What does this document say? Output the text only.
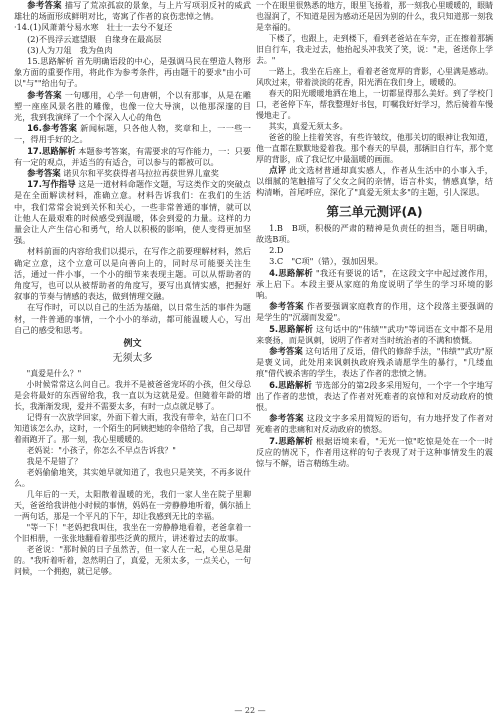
参考答案 描写了荒凉孤寂的景象，与上片写项羽反衬的威武雄壮的场面形成鲜明对比，寄寓了作者的哀伤悲悼之情。

·14.(1)风萧萧兮易水寒　壮士一去兮不复还

(2)不畏浮云遮望眼　自缘身在最高层

(3)人为刀俎　我为鱼肉

15.思路解析 首先明确语段的中心，是强调马民在塑造人物形象方面的重要作用，将此作为参考条件，再由题干的要求"由小可以"与""给出句子。

参考答案 一句哪用，心学一句唐朝，个以有那事，从是在雕塑一座座风景名胜的雕像，也像一位大导演，以他那深邃的目光，我到我演绎了一个个深入人心的角色

16.参考答案 新闻标题，只各他人物，奖章和上，一一些一一，得用手好的之。

17.思路解析 本题参考答案，有需要求的写作能力，一：只要有一定的观点，并适当的有适合，可以参与的都被可以。

参考答案 诺贝尔和平奖获得者马拉拉再获世界儿童奖

17.写作指导 这是一道材料命题作文题，写这类作文的突破点是在全面解读材料，准确立意。材料告诉我们：在我们的生活中，我们常常会说到关怀和关心，一些非常普通的事情，就可以让他人在最艰难的时候感受到温暖，体会到爱的力量。这样的力量会让人产生信心和勇气，给人以积极的影响，使人变得更加坚强。

材料前面的内容给我们以提示，在写作之前要理解材料，然后确定立意，这个立意可以是向善向上的，同时尽可能要关注生活，通过一件小事，一个小的细节来表现主题。可以从帮助者的角度写，也可以从被帮助者的角度写，要写出真情实感，把握好叙事的节奏与情感的表达，做到情理交融。

在写作时，可以以自己的生活为基础，以日常生活的事件为题材，一件普通的事情，一个小小的举动，都可能温暖人心，写出自己的感受和思考。

例文
无须太多

"真爱是什么？"

小时候常常这么问自己。我并不是被爸爸宠坏的小孩，但父母总是会将最好的东西留给我，我一直以为这就是爱。但随着年龄的增长，我渐渐发现，爱并不需要太多，有时一点点就足够了。

记得有一次放学回家，外面下着大雨，我没有带伞，站在门口不知道该怎么办，这时，一个陌生的阿姨把她的伞借给了我，自己却冒着雨跑开了。那一刻，我心里暖暖的。

老妈说："小孩子，你怎么不早点告诉我？"

我是不是错了？

老妈偷偷地笑，其实她早就知道了，我也只是笑笑，不再多说什么。

几年后的一天，太阳散着温暖的光，我们一家人坐在院子里聊天，爸爸给我讲他小时候的事情，妈妈在一旁静静地听着，偶尔插上一两句话，那是一个平凡的下午，却让我感到无比的幸福。

"等一下！"老妈把我叫住，我坐在一旁静静地看着，老爸拿着一个旧相册，一张张地翻看着那些泛黄的照片，讲述着过去的故事。

老爸说："那时候的日子虽然苦，但一家人在一起，心里总是甜的。"我听着听着，忽然明白了，真爱，无须太多，一点关心，一句问候，一个拥抱，就已足够。

一个在眼里很熟悉的地方，眼里飞扬着，那一刻我心里暖暖的，眼睛也湿润了，不知道是因为感动还是因为别的什么，我只知道那一刻我是幸福的。

下楼了，也跟上，走到楼下，看到老爸站在车旁，正在擦着那辆旧自行车，我走过去，他抬起头冲我笑了笑，说："走，爸送你上学去。"

一路上，我坐在后座上，看着老爸宽厚的背影，心里满是感动。风吹过来，带着淡淡的花香，阳光洒在我们身上，暖暖的。

春天的阳光暖暖地洒在地上，一切都显得那么美好。到了学校门口，老爸停下车，帮我整理好书包，叮嘱我好好学习，然后骑着车慢慢地走了。

其实，真爱无须太多。

爸爸的脸上挂着笑容，有些许皱纹，他那关切的眼神让我知道，他一直都在默默地爱着我。那个春天的早晨，那辆旧自行车，那个宽厚的背影，成了我记忆中最温暖的画面。

点评 此文选材普通却真实感人，作者从生活中的小事入手，以细腻的笔触描写了父女之间的亲情，语言朴实，情感真挚，结构清晰，首尾呼应，深化了"真爱无须太多"的主题，引人深思。

第三单元测评(A)

1.B　B项，积极的严肃的精神是负责任的担当，题目明确，故选B项。

2.D

3.C　"C项"（错），强加因果。

4.思路解析 "我还有要说的话"，在这段文字中起过渡作用，承上启下。本段主要从家庭的角度说明了学生的学习环境的影响。

参考答案 作者要强调家庭教育的作用，这个段落主要强调的是学生的"沉溺而发爱"。

5.思路解析 这句话中的"伟绩""武功"等词语在文中都不是用来褒扬，而是讽刺，说明了作者对当时统治者的不满和愤慨。

参考答案 这句话用了反语，借代的修辞手法，"伟绩""武功"原是褒义词，此处用来讽刺执政府残杀请愿学生的暴行，"几缕血痕"借代被杀害的学生，表达了作者的悲愤之情。

6.思路解析 节选部分的第2段多采用短句，一个字一个字地写出了作者的悲愤，表达了作者对死难者的哀悼和对反动政府的愤恨。

参考答案 这段文字多采用简短的语句，有力地抒发了作者对死难者的悲痛和对反动政府的愤怒。

7.思路解析 根据语境来看，"无光一惊"吃惊是处在一个一时反应的情况下，作者用这样的句子表现了对于这种事情发生的震惊与不解，语言精练生动。

— 22 —
